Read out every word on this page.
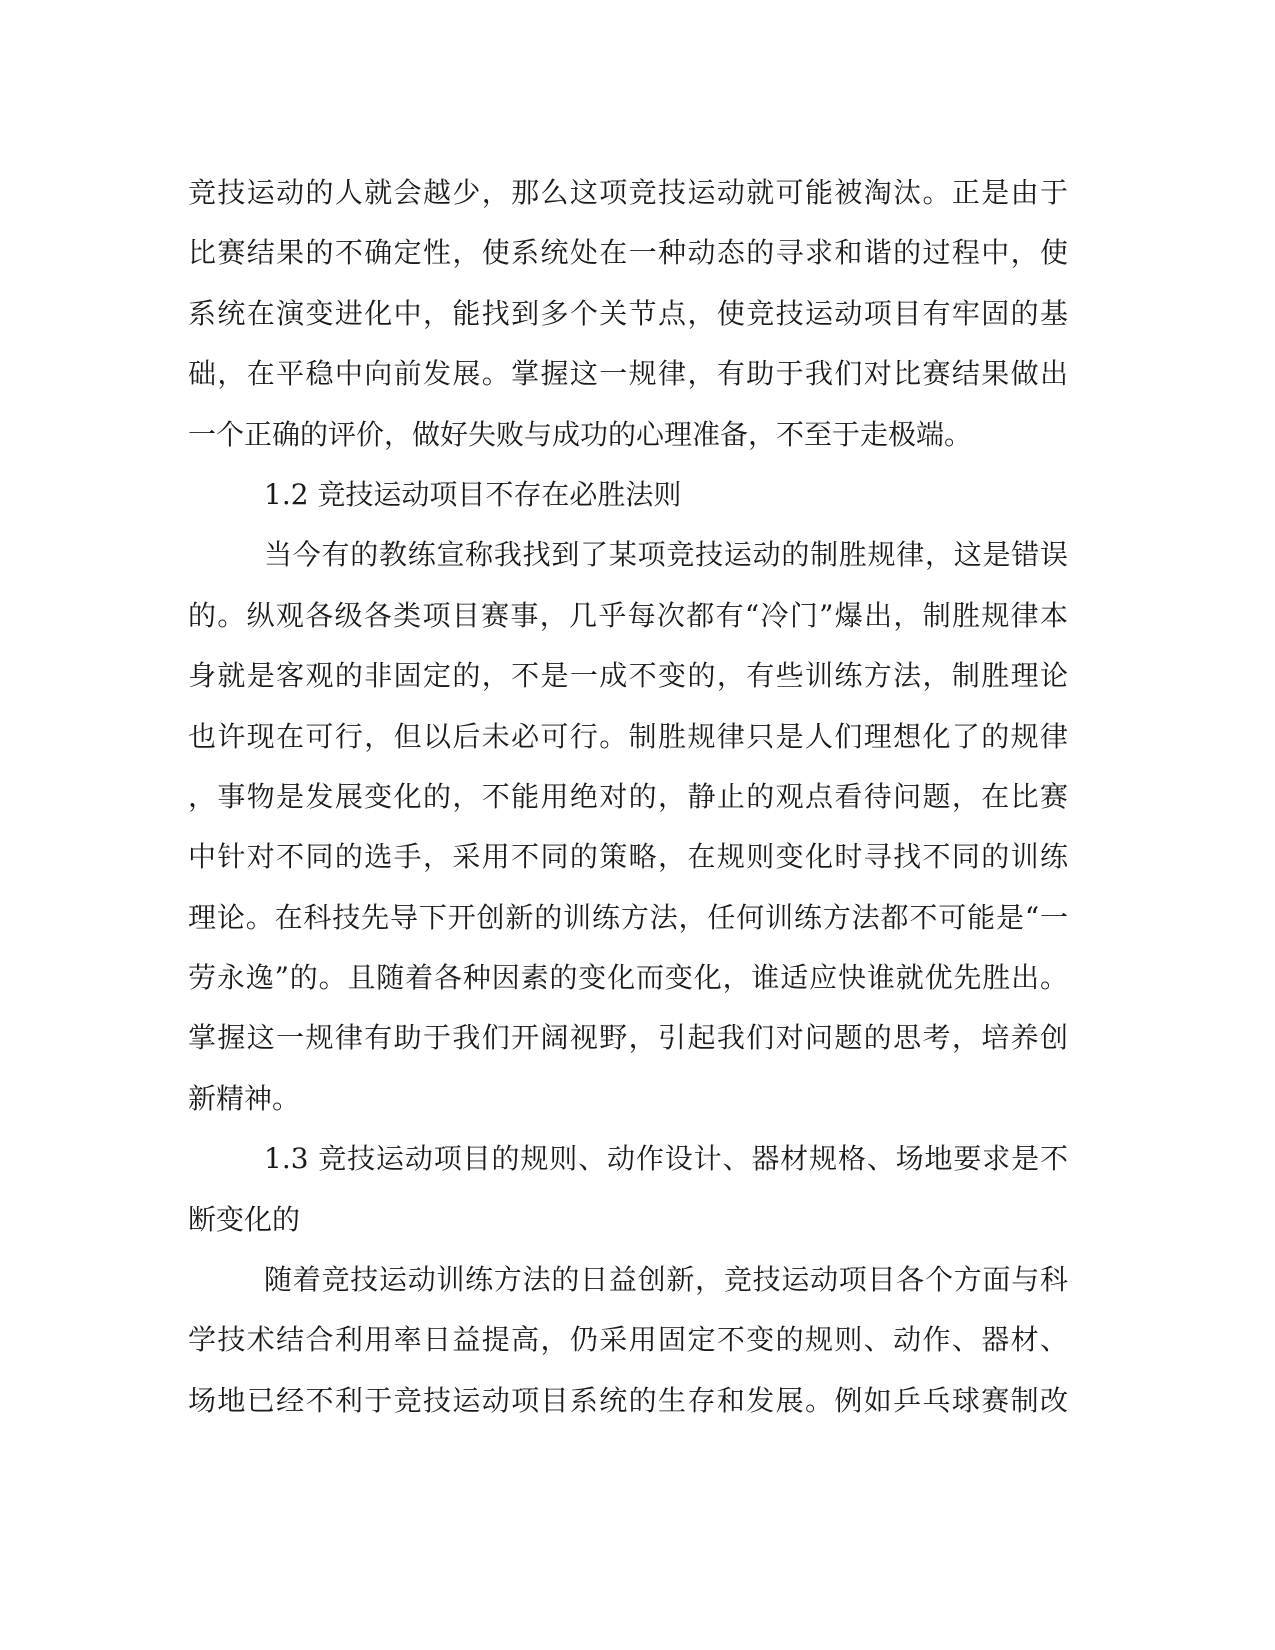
竞技运动的人就会越少，那么这项竞技运动就可能被淘汰。正是由于
比赛结果的不确定性，使系统处在一种动态的寻求和谐的过程中，使
系统在演变进化中，能找到多个关节点，使竞技运动项目有牢固的基
础，在平稳中向前发展。掌握这一规律，有助于我们对比赛结果做出
一个正确的评价，做好失败与成功的心理准备，不至于走极端。
1.2 竞技运动项目不存在必胜法则
当今有的教练宣称我找到了某项竞技运动的制胜规律，这是错误
的。纵观各级各类项目赛事，几乎每次都有“冷门”爆出，制胜规律本
身就是客观的非固定的，不是一成不变的，有些训练方法，制胜理论
也许现在可行，但以后未必可行。制胜规律只是人们理想化了的规律
，事物是发展变化的，不能用绝对的，静止的观点看待问题，在比赛
中针对不同的选手，采用不同的策略，在规则变化时寻找不同的训练
理论。在科技先导下开创新的训练方法，任何训练方法都不可能是“一
劳永逸”的。且随着各种因素的变化而变化，谁适应快谁就优先胜出。
掌握这一规律有助于我们开阔视野，引起我们对问题的思考，培养创
新精神。
1.3 竞技运动项目的规则、动作设计、器材规格、场地要求是不
断变化的
随着竞技运动训练方法的日益创新，竞技运动项目各个方面与科
学技术结合利用率日益提高，仍采用固定不变的规则、动作、器材、
场地已经不利于竞技运动项目系统的生存和发展。例如乒乓球赛制改
